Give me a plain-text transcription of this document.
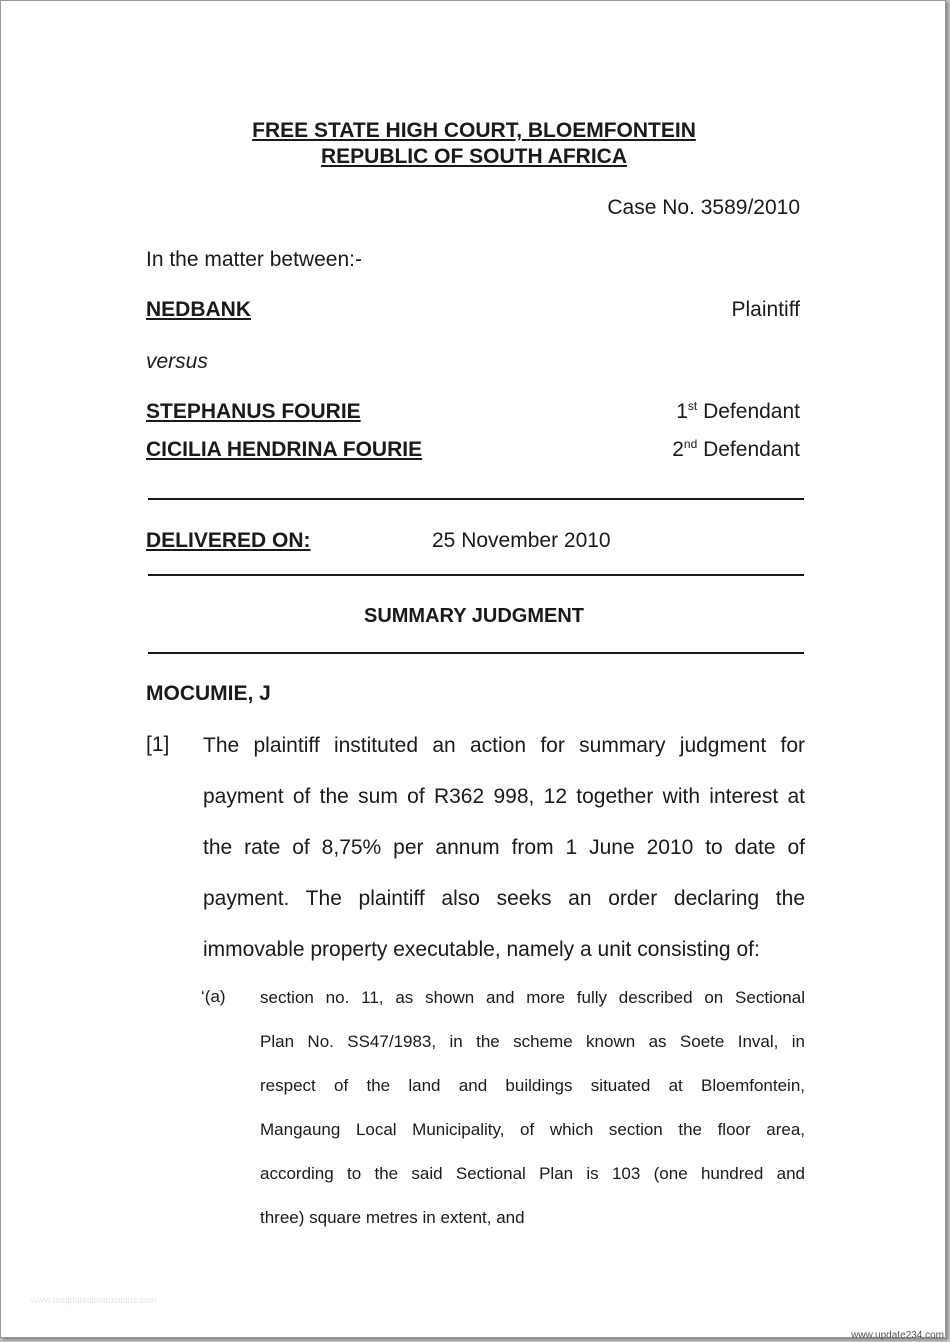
FREE STATE HIGH COURT, BLOEMFONTEIN
REPUBLIC OF SOUTH AFRICA
Case No. 3589/2010
In the matter between:-
NEDBANK	Plaintiff
versus
STEPHANUS FOURIE	1st Defendant
CICILIA HENDRINA FOURIE	2nd Defendant
DELIVERED ON:	25 November 2010
SUMMARY JUDGMENT
MOCUMIE, J
[1] The plaintiff instituted an action for summary judgment for
payment of the sum of R362 998, 12 together with interest at
the rate of 8,75% per annum from 1 June 2010 to date of
payment. The plaintiff also seeks an order declaring the
immovable property executable, namely a unit consisting of:
‘(a) section no. 11, as shown and more fully described on Sectional
Plan No. SS47/1983, in the scheme known as Soete Inval, in
respect of the land and buildings situated at Bloemfontein,
Mangaung Local Municipality, of which section the floor area,
according to the said Sectional Plan is 103 (one hundred and
three) square metres in extent, and
www.templatesinstructions.com
www.update234.com
